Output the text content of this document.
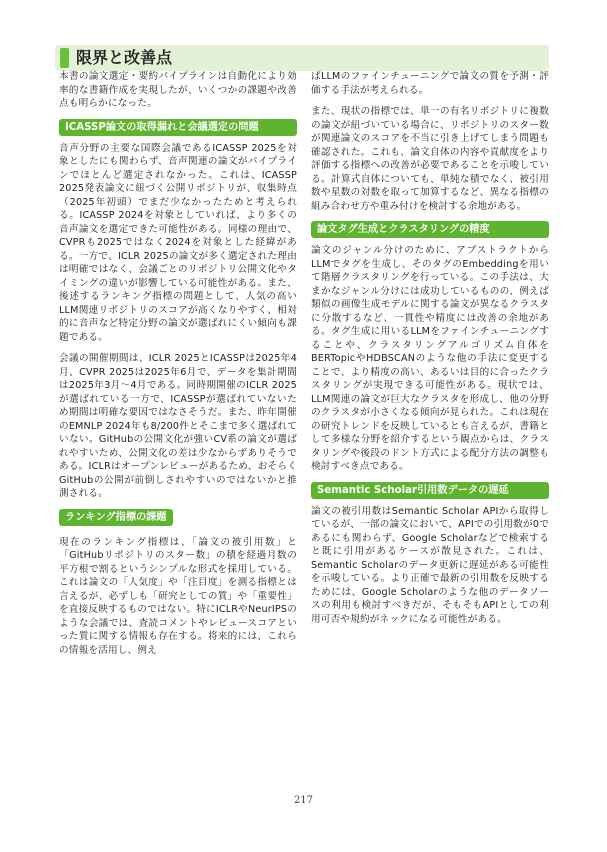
限界と改善点

本書の論文選定・要約パイプラインは自動化により効率的な書籍作成を実現したが、いくつかの課題や改善点も明らかになった。

ICASSP論文の取得漏れと会議選定の問題

音声分野の主要な国際会議であるICASSP 2025を対象としたにも関わらず、音声関連の論文がパイプラインでほとんど選定されなかった。これは、ICASSP 2025発表論文に紐づく公開リポジトリが、収集時点（2025年初頭）でまだ少なかったためと考えられる。ICASSP 2024を対象としていれば、より多くの音声論文を選定できた可能性がある。同様の理由で、CVPRも2025ではなく2024を対象とした経緯がある。一方で、ICLR 2025の論文が多く選定された理由は明確ではなく、会議ごとのリポジトリ公開文化やタイミングの違いが影響している可能性がある。また、後述するランキング指標の問題として、人気の高いLLM関連リポジトリのスコアが高くなりやすく、相対的に音声など特定分野の論文が選ばれにくい傾向も課題である。

会議の開催期間は、ICLR 2025とICASSPは2025年4月、CVPR 2025は2025年6月で、データを集計期間は2025年3月～4月である。同時期開催のICLR 2025が選ばれている一方で、ICASSPが選ばれていないため期間は明確な要因ではなさそうだ。また、昨年開催のEMNLP 2024年も8/200件とそこまで多く選ばれていない。GitHubの公開文化が強いCV系の論文が選ばれやすいため、公開文化の差は少なからずありそうである。ICLRはオープンレビューがあるため、おそらくGitHubの公開が前倒しされやすいのではないかと推測される。

ランキング指標の課題

現在のランキング指標は、「論文の被引用数」と「GitHubリポジトリのスター数」の積を経過月数の平方根で割るというシンプルな形式を採用している。これは論文の「人気度」や「注目度」を測る指標とは言えるが、必ずしも「研究としての質」や「重要性」を直接反映するものではない。特にICLRやNeurIPSのような会議では、査読コメントやレビュースコアといった質に関する情報も存在する。将来的には、これらの情報を活用し、例え

ばLLMのファインチューニングで論文の質を予測・評価する手法が考えられる。

また、現状の指標では、単一の有名リポジトリに複数の論文が紐づいている場合に、リポジトリのスター数が関連論文のスコアを不当に引き上げてしまう問題も確認された。これも、論文自体の内容や貢献度をより評価する指標への改善が必要であることを示唆している。計算式自体についても、単純な積でなく、被引用数や星数の対数を取って加算するなど、異なる指標の組み合わせ方や重み付けを検討する余地がある。

論文タグ生成とクラスタリングの精度

論文のジャンル分けのために、アブストラクトからLLMでタグを生成し、そのタグのEmbeddingを用いて階層クラスタリングを行っている。この手法は、大まかなジャンル分けには成功しているものの、例えば類似の画像生成モデルに関する論文が異なるクラスタに分散するなど、一貫性や精度には改善の余地がある。タグ生成に用いるLLMをファインチューニングすることや、クラスタリングアルゴリズム自体をBERTopicやHDBSCANのような他の手法に変更することで、より精度の高い、あるいは目的に合ったクラスタリングが実現できる可能性がある。現状では、LLM関連の論文が巨大なクラスタを形成し、他の分野のクラスタが小さくなる傾向が見られた。これは現在の研究トレンドを反映しているとも言えるが、書籍として多様な分野を紹介するという観点からは、クラスタリングや後段のドント方式による配分方法の調整も検討すべき点である。

Semantic Scholar引用数データの遅延

論文の被引用数はSemantic Scholar APIから取得しているが、一部の論文において、APIでの引用数が0であるにも関わらず、Google Scholarなどで検索すると既に引用があるケースが散見された。これは、Semantic Scholarのデータ更新に遅延がある可能性を示唆している。より正確で最新の引用数を反映するためには、Google Scholarのような他のデータソースの利用も検討すべきだが、そもそもAPIとしての利用可否や規約がネックになる可能性がある。

217
